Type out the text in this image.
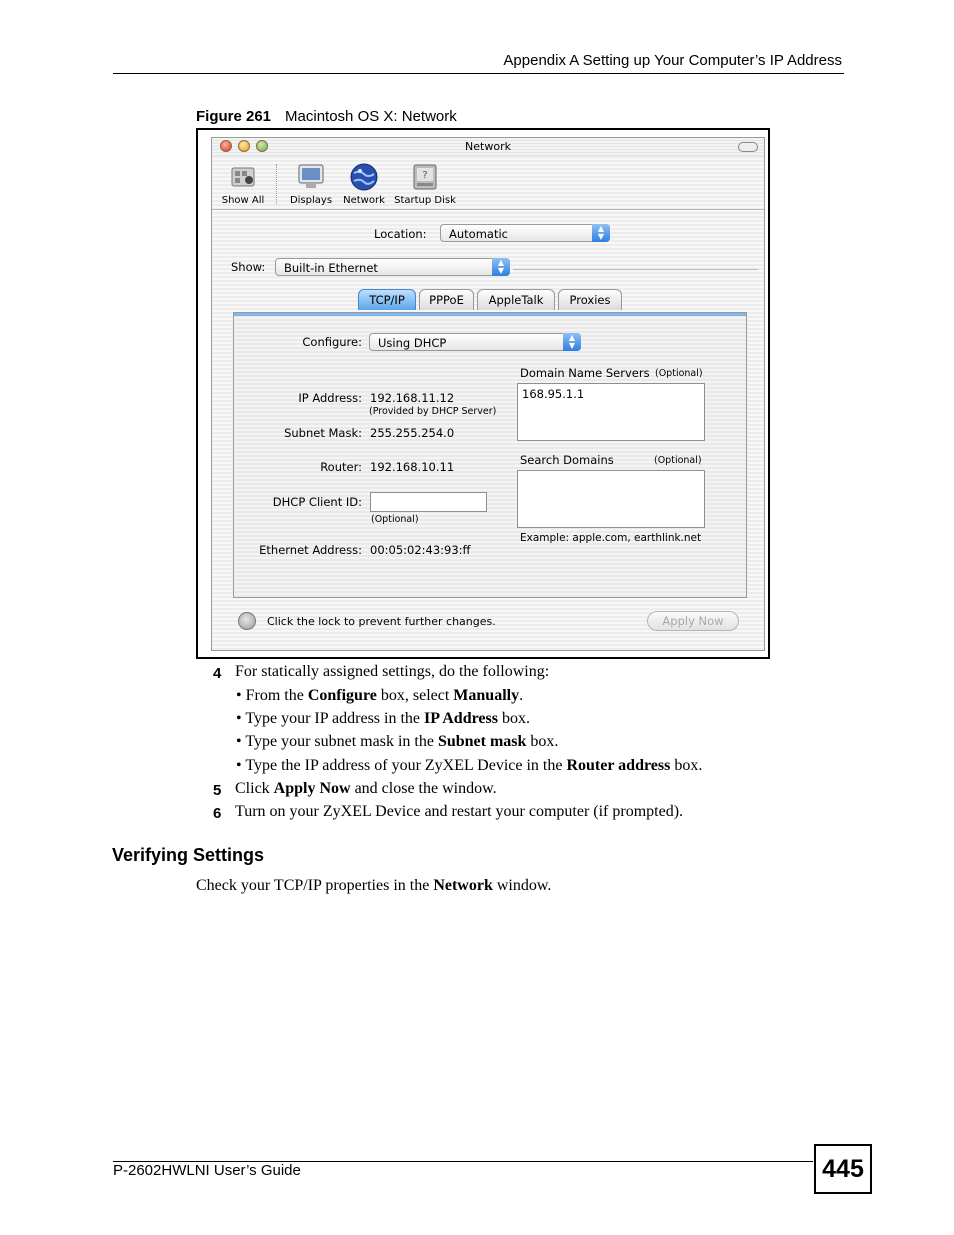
Appendix A Setting up Your Computer’s IP Address
Figure 261 Macintosh OS X: Network
Network
Show All	Displays	Network
?
Startup Disk
Location:	Automatic	▲
▼
Show:	Built-in Ethernet	▲
▼
TCP/IP	PPPoE	AppleTalk	Proxies
Configure:	Using DHCP	▲
▼
IP Address: 192.168.11.12
(Provided by DHCP Server)
Subnet Mask: 255.255.254.0
Router: 192.168.10.11
DHCP Client ID:
(Optional)
Ethernet Address: 00:05:02:43:93:ff
Domain Name Servers (Optional)
168.95.1.1
Search Domains	(Optional)
Example: apple.com, earthlink.net
Click the lock to prevent further changes.	Apply Now
4 For statically assigned settings, do the following:
• From the Configure box, select Manually.
• Type your IP address in the IP Address box.
• Type your subnet mask in the Subnet mask box.
• Type the IP address of your ZyXEL Device in the Router address box.
5 Click Apply Now and close the window.
6 Turn on your ZyXEL Device and restart your computer (if prompted).
Verifying Settings
Check your TCP/IP properties in the Network window.
P-2602HWLNI User’s Guide	445
